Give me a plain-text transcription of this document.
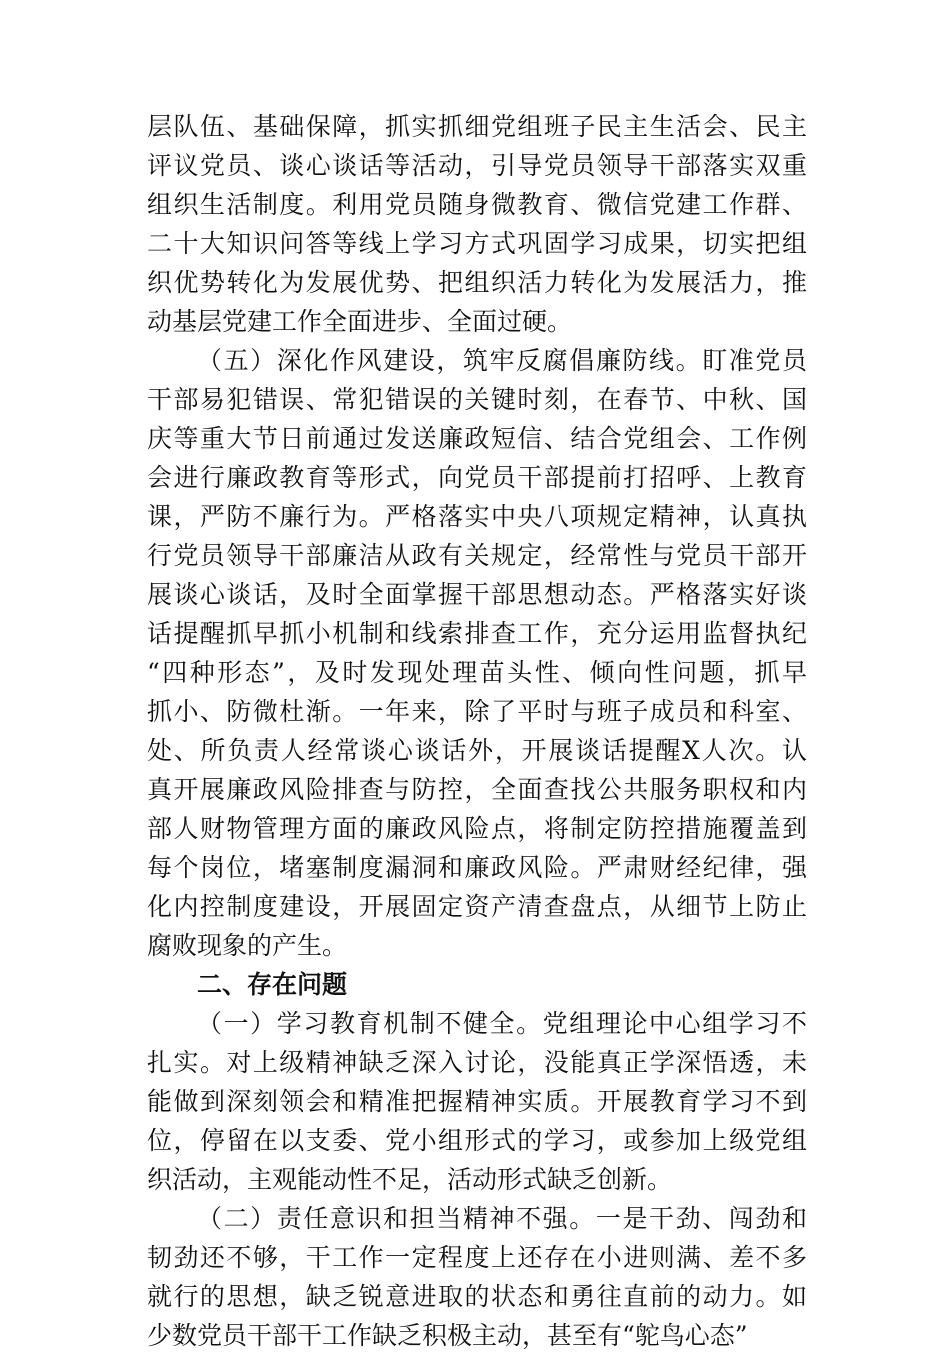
层队伍、基础保障，抓实抓细党组班子民主生活会、民主
评议党员、谈心谈话等活动，引导党员领导干部落实双重
组织生活制度。利用党员随身微教育、微信党建工作群、
二十大知识问答等线上学习方式巩固学习成果，切实把组
织优势转化为发展优势、把组织活力转化为发展活力，推
动基层党建工作全面进步、全面过硬。
（五）深化作风建设，筑牢反腐倡廉防线。盯准党员
干部易犯错误、常犯错误的关键时刻，在春节、中秋、国
庆等重大节日前通过发送廉政短信、结合党组会、工作例
会进行廉政教育等形式，向党员干部提前打招呼、上教育
课，严防不廉行为。严格落实中央八项规定精神，认真执
行党员领导干部廉洁从政有关规定，经常性与党员干部开
展谈心谈话，及时全面掌握干部思想动态。严格落实好谈
话提醒抓早抓小机制和线索排查工作，充分运用监督执纪
“四种形态”，及时发现处理苗头性、倾向性问题，抓早
抓小、防微杜渐。一年来，除了平时与班子成员和科室、
处、所负责人经常谈心谈话外，开展谈话提醒X人次。认
真开展廉政风险排查与防控，全面查找公共服务职权和内
部人财物管理方面的廉政风险点，将制定防控措施覆盖到
每个岗位，堵塞制度漏洞和廉政风险。严肃财经纪律，强
化内控制度建设，开展固定资产清查盘点，从细节上防止
腐败现象的产生。
二、存在问题
（一）学习教育机制不健全。党组理论中心组学习不
扎实。对上级精神缺乏深入讨论，没能真正学深悟透，未
能做到深刻领会和精准把握精神实质。开展教育学习不到
位，停留在以支委、党小组形式的学习，或参加上级党组
织活动，主观能动性不足，活动形式缺乏创新。
（二）责任意识和担当精神不强。一是干劲、闯劲和
韧劲还不够，干工作一定程度上还存在小进则满、差不多
就行的思想，缺乏锐意进取的状态和勇往直前的动力。如
少数党员干部干工作缺乏积极主动，甚至有“鸵鸟心态”
